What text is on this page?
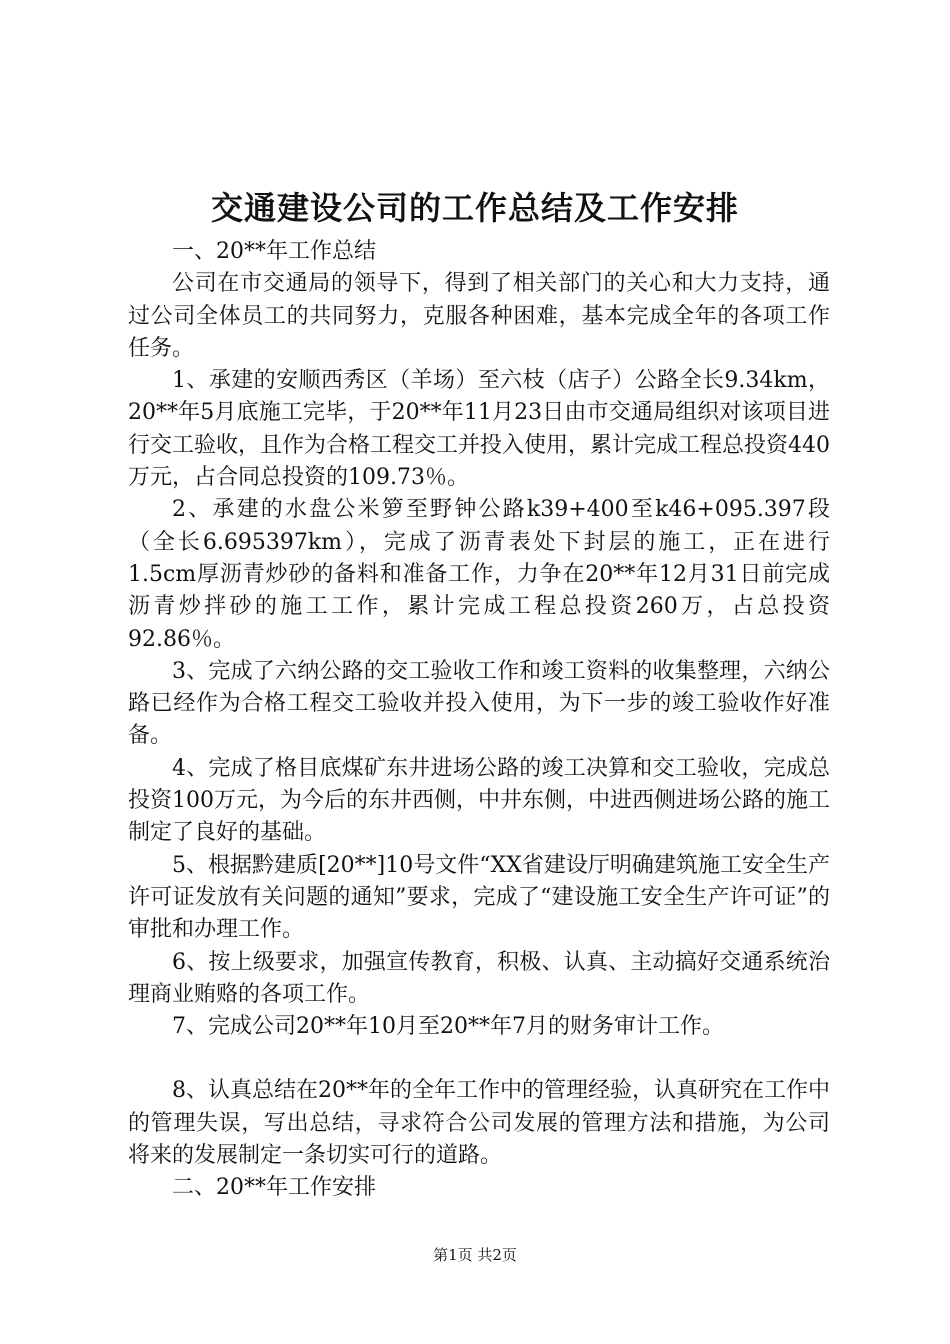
交通建设公司的工作总结及工作安排

一、20**年工作总结

公司在市交通局的领导下，得到了相关部门的关心和大力支持，通过公司全体员工的共同努力，克服各种困难，基本完成全年的各项工作任务。

1、承建的安顺西秀区（羊场）至六枝（店子）公路全长9.34km，20**年5月底施工完毕，于20**年11月23日由市交通局组织对该项目进行交工验收，且作为合格工程交工并投入使用，累计完成工程总投资440万元，占合同总投资的109.73％。

2、承建的水盘公米箩至野钟公路k39+400至k46+095.397段（全长6.695397km），完成了沥青表处下封层的施工，正在进行1.5cm厚沥青炒砂的备料和准备工作，力争在20**年12月31日前完成沥青炒拌砂的施工工作，累计完成工程总投资260万，占总投资92.86％。

3、完成了六纳公路的交工验收工作和竣工资料的收集整理，六纳公路已经作为合格工程交工验收并投入使用，为下一步的竣工验收作好准备。

4、完成了格目底煤矿东井进场公路的竣工决算和交工验收，完成总投资100万元，为今后的东井西侧，中井东侧，中进西侧进场公路的施工制定了良好的基础。

5、根据黔建质[20**]10号文件“XX省建设厅明确建筑施工安全生产许可证发放有关问题的通知”要求，完成了“建设施工安全生产许可证”的审批和办理工作。

6、按上级要求，加强宣传教育，积极、认真、主动搞好交通系统治理商业贿赂的各项工作。

7、完成公司20**年10月至20**年7月的财务审计工作。

8、认真总结在20**年的全年工作中的管理经验，认真研究在工作中的管理失误，写出总结，寻求符合公司发展的管理方法和措施，为公司将来的发展制定一条切实可行的道路。

二、20**年工作安排

第1页 共2页
